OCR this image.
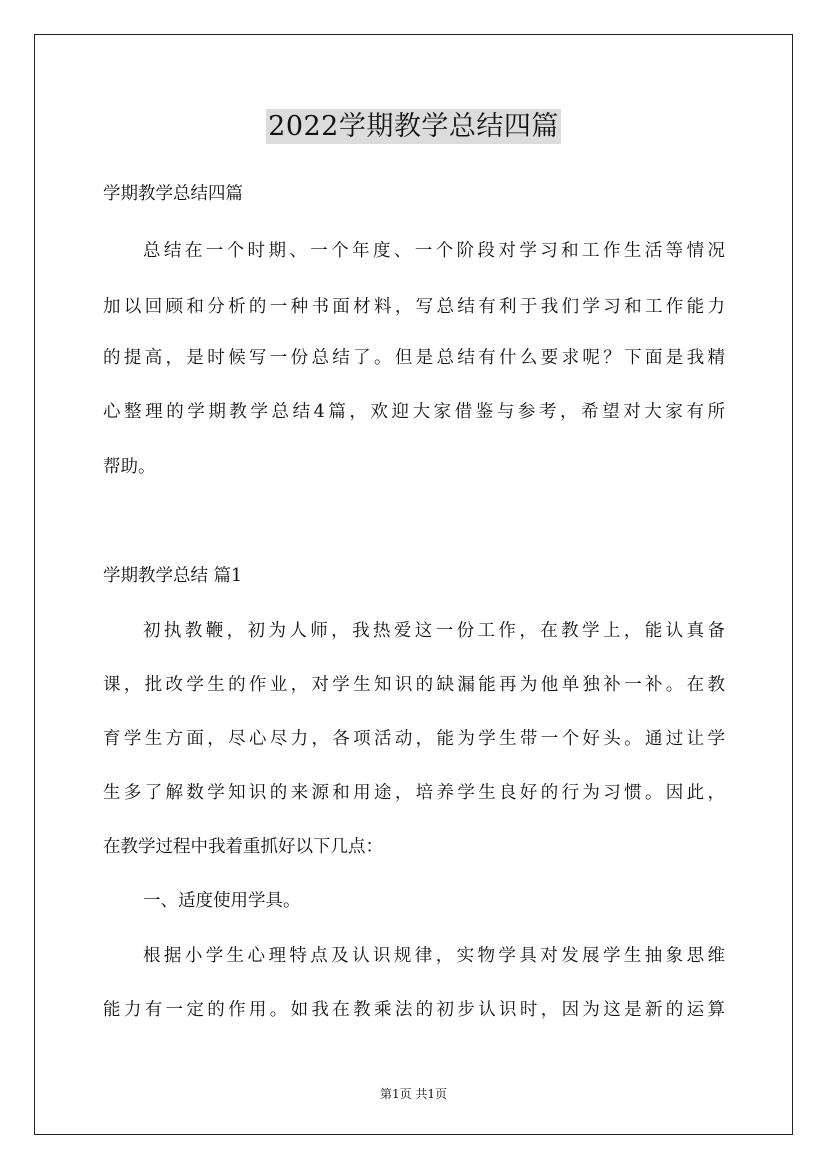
2022学期教学总结四篇
学期教学总结四篇
总结在一个时期、一个年度、一个阶段对学习和工作生活等情况
加以回顾和分析的一种书面材料，写总结有利于我们学习和工作能力
的提高，是时候写一份总结了。但是总结有什么要求呢？下面是我精
心整理的学期教学总结4篇，欢迎大家借鉴与参考，希望对大家有所
帮助。
学期教学总结 篇1
初执教鞭，初为人师，我热爱这一份工作，在教学上，能认真备
课，批改学生的作业，对学生知识的缺漏能再为他单独补一补。在教
育学生方面，尽心尽力，各项活动，能为学生带一个好头。通过让学
生多了解数学知识的来源和用途，培养学生良好的行为习惯。因此，
在教学过程中我着重抓好以下几点：
一、适度使用学具。
根据小学生心理特点及认识规律，实物学具对发展学生抽象思维
能力有一定的作用。如我在教乘法的初步认识时，因为这是新的运算
第1页 共1页
